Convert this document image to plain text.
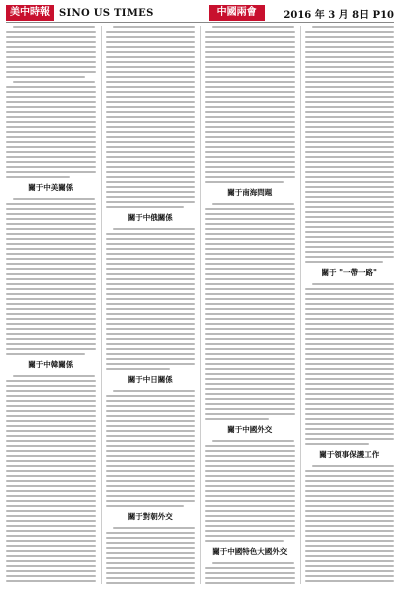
美中時報 SINO US TIMES	中國兩會	2016 年 3 月 8日 P10
關于中美關係
關于中韓關係
關于中俄關係
關于中日關係
關于對朝外交
關于南海問題
關于中國外交
關于中國特色大國外交
關于 "一帶一路"
關于領事保護工作
